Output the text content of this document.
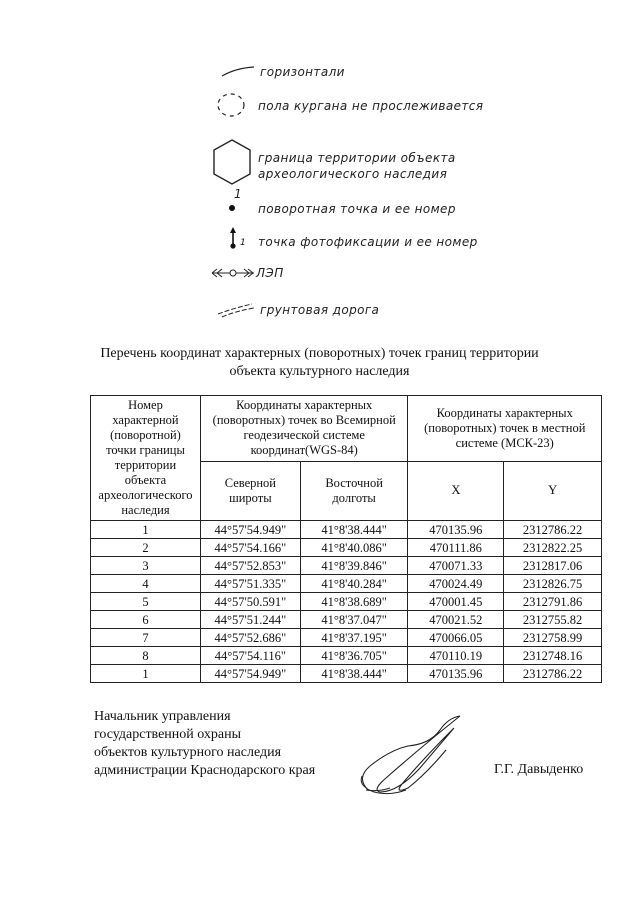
горизонтали
пола кургана не прослеживается
граница территории объекта
археологического наследия
1
поворотная точка и ее номер
1 точка фотофиксации и ее номер
ЛЭП
грунтовая дорога
Перечень координат характерных (поворотных) точек границ территории
объекта культурного наследия
Номер характерной (поворотной) точки границы территории объекта археологического наследия	Координаты характерных (поворотных) точек во Всемирной геодезической системе координат(WGS-84)		Координаты характерных (поворотных) точек в местной системе (МСК-23)	
	Северной широты	Восточной долготы	X	Y
1	44°57'54.949"	41°8'38.444"	470135.96	2312786.22
2	44°57'54.166"	41°8'40.086"	470111.86	2312822.25
3	44°57'52.853"	41°8'39.846"	470071.33	2312817.06
4	44°57'51.335"	41°8'40.284"	470024.49	2312826.75
5	44°57'50.591"	41°8'38.689"	470001.45	2312791.86
6	44°57'51.244"	41°8'37.047"	470021.52	2312755.82
7	44°57'52.686"	41°8'37.195"	470066.05	2312758.99
8	44°57'54.116"	41°8'36.705"	470110.19	2312748.16
1	44°57'54.949"	41°8'38.444"	470135.96	2312786.22
Начальник управления
государственной охраны
объектов культурного наследия
администрации Краснодарского края	Г.Г. Давыденко
